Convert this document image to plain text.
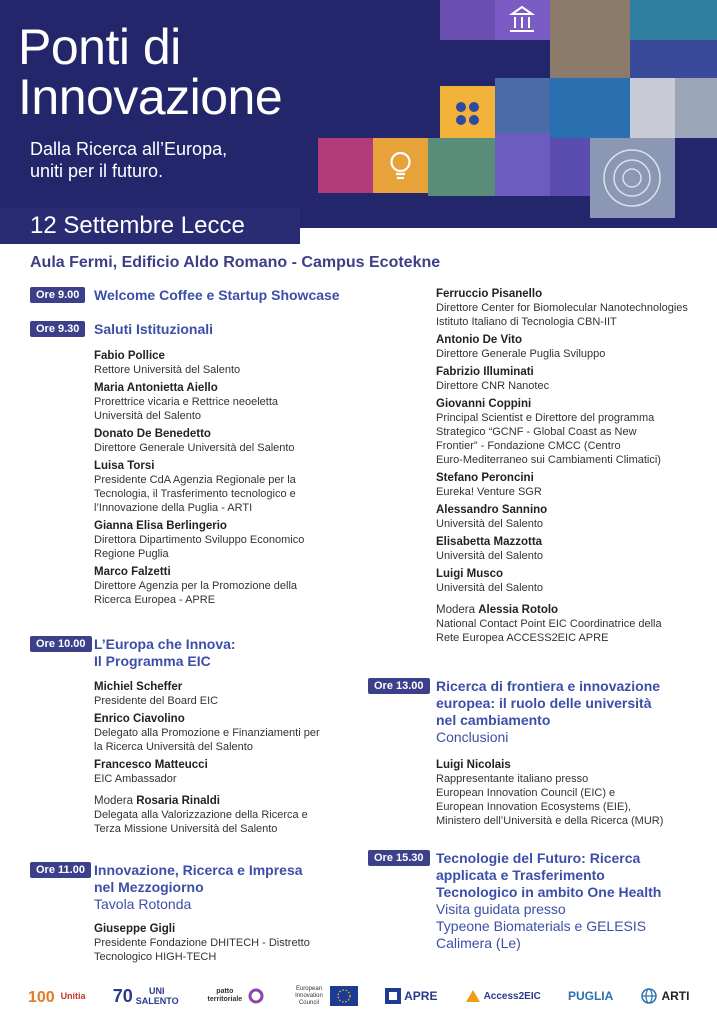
Ponti di
Innovazione
Dalla Ricerca all’Europa,
uniti per il futuro.
12 Settembre Lecce
Aula Fermi, Edificio Aldo Romano - Campus Ecotekne
Ore 9.00	Welcome Coffee e Startup Showcase
Ore 9.30	Saluti Istituzionali
Fabio Pollice
Rettore Università del Salento
Maria Antonietta Aiello
Prorettrice vicaria e Rettrice neoeletta
Università del Salento
Donato De Benedetto
Direttore Generale Università del Salento
Luisa Torsi
Presidente CdA Agenzia Regionale per la
Tecnologia, il Trasferimento tecnologico e
l’Innovazione della Puglia - ARTI
Gianna Elisa Berlingerio
Direttora Dipartimento Sviluppo Economico
Regione Puglia
Marco Falzetti
Direttore Agenzia per la Promozione della
Ricerca Europea - APRE
Ore 10.00 L’Europa che Innova:
Il Programma EIC
Michiel Scheffer
Presidente del Board EIC
Enrico Ciavolino
Delegato alla Promozione e Finanziamenti per
la Ricerca Università del Salento
Francesco Matteucci
EIC Ambassador
Modera Rosaria Rinaldi
Delegata alla Valorizzazione della Ricerca e
Terza Missione Università del Salento
Ore 11.00 Innovazione, Ricerca e Impresa
nel Mezzogiorno
Tavola Rotonda
Giuseppe Gigli
Presidente Fondazione DHITECH - Distretto
Tecnologico HIGH-TECH
Ferruccio Pisanello
Direttore Center for Biomolecular Nanotechnologies
Istituto Italiano di Tecnologia CBN-IIT
Antonio De Vito
Direttore Generale Puglia Sviluppo
Fabrizio Illuminati
Direttore CNR Nanotec
Giovanni Coppini
Principal Scientist e Direttore del programma
Strategico “GCNF - Global Coast as New
Frontier” - Fondazione CMCC (Centro
Euro-Mediterraneo sui Cambiamenti Climatici)
Stefano Peroncini
Eureka! Venture SGR
Alessandro Sannino
Università del Salento
Elisabetta Mazzotta
Università del Salento
Luigi Musco
Università del Salento
Modera Alessia Rotolo
National Contact Point EIC Coordinatrice della
Rete Europea ACCESS2EIC APRE
Ore 13.00 Ricerca di frontiera e innovazione
europea: il ruolo delle università
nel cambiamento
Conclusioni
Luigi Nicolais
Rappresentante italiano presso
European Innovation Council (EIC) e
European Innovation Ecosystems (EIE),
Ministero dell’Università e della Ricerca (MUR)
Ore 15.30 Tecnologie del Futuro: Ricerca
applicata e Trasferimento
Tecnologico in ambito One Health
Visita guidata presso
Typeone Biomaterials e GELESIS
Calimera (Le)
100 Unitia 70	UNI SALENTO
patto territoriale
European Innovation Council	APRE	Access2EIC PUGLIA	ARTI
